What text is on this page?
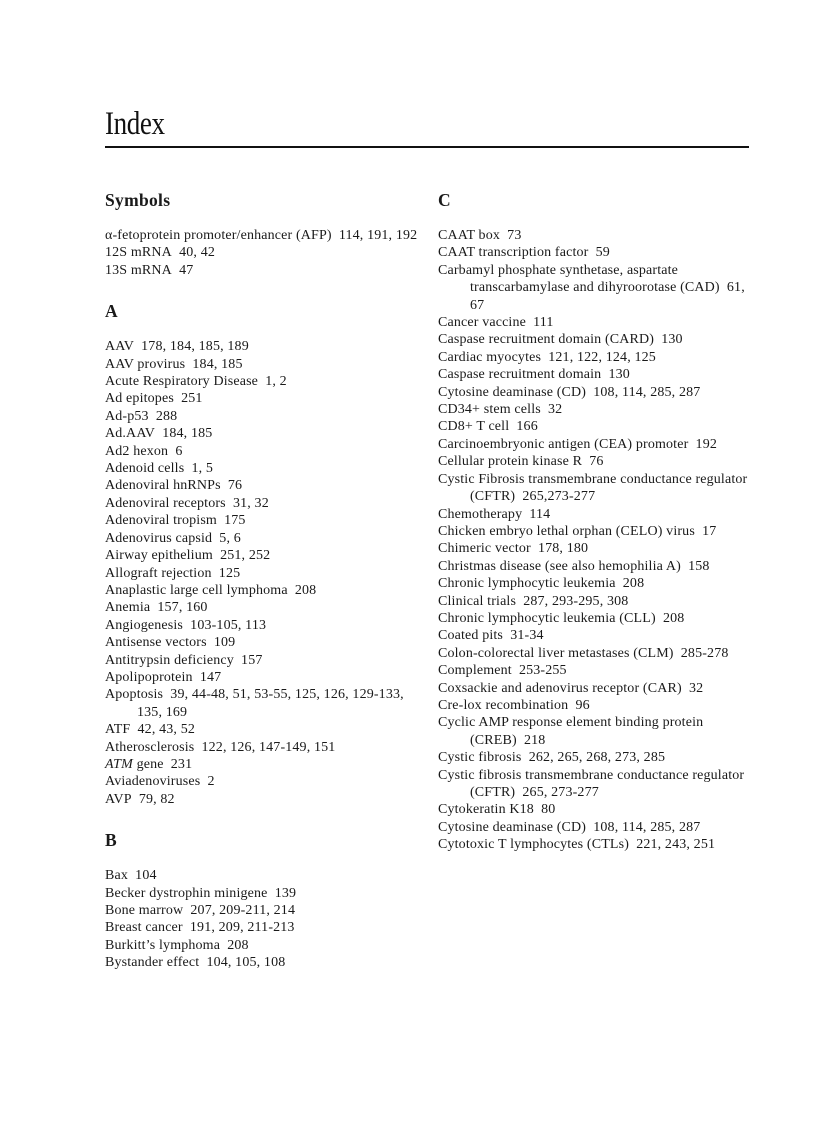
Index
Symbols
α-fetoprotein promoter/enhancer (AFP)  114, 191, 192
12S mRNA  40, 42
13S mRNA  47
A
AAV  178, 184, 185, 189
AAV provirus  184, 185
Acute Respiratory Disease  1, 2
Ad epitopes  251
Ad-p53  288
Ad.AAV  184, 185
Ad2 hexon  6
Adenoid cells  1, 5
Adenoviral hnRNPs  76
Adenoviral receptors  31, 32
Adenoviral tropism  175
Adenovirus capsid  5, 6
Airway epithelium  251, 252
Allograft rejection  125
Anaplastic large cell lymphoma  208
Anemia  157, 160
Angiogenesis  103-105, 113
Antisense vectors  109
Antitrypsin deficiency  157
Apolipoprotein  147
Apoptosis  39, 44-48, 51, 53-55, 125, 126, 129-133, 135, 169
ATF  42, 43, 52
Atherosclerosis  122, 126, 147-149, 151
ATM gene  231
Aviadenoviruses  2
AVP  79, 82
B
Bax  104
Becker dystrophin minigene  139
Bone marrow  207, 209-211, 214
Breast cancer  191, 209, 211-213
Burkitt’s lymphoma  208
Bystander effect  104, 105, 108
C
CAAT box  73
CAAT transcription factor  59
Carbamyl phosphate synthetase, aspartate transcarbamylase and dihyroorotase (CAD)  61, 67
Cancer vaccine  111
Caspase recruitment domain (CARD)  130
Cardiac myocytes  121, 122, 124, 125
Caspase recruitment domain  130
Cytosine deaminase (CD)  108, 114, 285, 287
CD34+ stem cells  32
CD8+ T cell  166
Carcinoembryonic antigen (CEA) promoter  192
Cellular protein kinase R  76
Cystic Fibrosis transmembrane conductance regulator (CFTR)  265,273-277
Chemotherapy  114
Chicken embryo lethal orphan (CELO) virus  17
Chimeric vector  178, 180
Christmas disease (see also hemophilia A)  158
Chronic lymphocytic leukemia  208
Clinical trials  287, 293-295, 308
Chronic lymphocytic leukemia (CLL)  208
Coated pits  31-34
Colon-colorectal liver metastases (CLM)  285-278
Complement  253-255
Coxsackie and adenovirus receptor (CAR)  32
Cre-lox recombination  96
Cyclic AMP response element binding protein (CREB)  218
Cystic fibrosis  262, 265, 268, 273, 285
Cystic fibrosis transmembrane conductance regulator (CFTR)  265, 273-277
Cytokeratin K18  80
Cytosine deaminase (CD)  108, 114, 285, 287
Cytotoxic T lymphocytes (CTLs)  221, 243, 251
